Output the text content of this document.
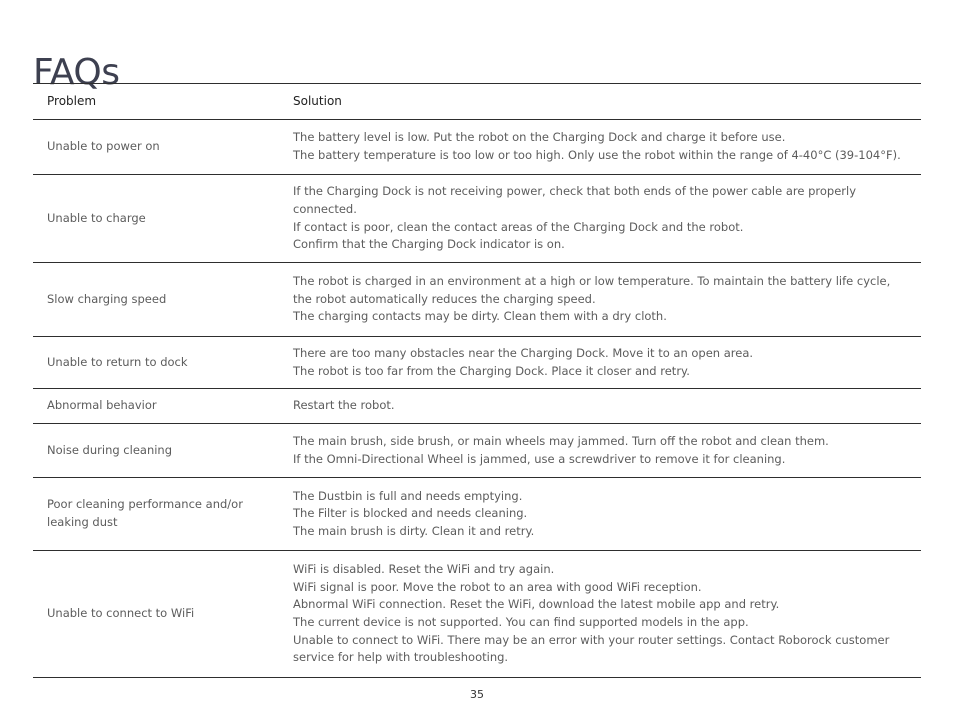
FAQs
Problem	Solution
Unable to power on	The battery level is low. Put the robot on the Charging Dock and charge it before use.
The battery temperature is too low or too high. Only use the robot within the range of 4-40°C (39-104°F).

Unable to charge	If the Charging Dock is not receiving power, check that both ends of the power cable are properly connected.
If contact is poor, clean the contact areas of the Charging Dock and the robot.
Confirm that the Charging Dock indicator is on.

Slow charging speed	The robot is charged in an environment at a high or low temperature. To maintain the battery life cycle, the robot automatically reduces the charging speed.
The charging contacts may be dirty. Clean them with a dry cloth.

Unable to return to dock	There are too many obstacles near the Charging Dock. Move it to an open area.
The robot is too far from the Charging Dock. Place it closer and retry.

Abnormal behavior	Restart the robot.

Noise during cleaning	The main brush, side brush, or main wheels may jammed. Turn off the robot and clean them.
If the Omni-Directional Wheel is jammed, use a screwdriver to remove it for cleaning.

Poor cleaning performance and/or leaking dust	The Dustbin is full and needs emptying.
The Filter is blocked and needs cleaning.
The main brush is dirty. Clean it and retry.

Unable to connect to WiFi	WiFi is disabled. Reset the WiFi and try again.
WiFi signal is poor. Move the robot to an area with good WiFi reception.
Abnormal WiFi connection. Reset the WiFi, download the latest mobile app and retry.
The current device is not supported. You can find supported models in the app.
Unable to connect to WiFi. There may be an error with your router settings. Contact Roborock customer service for help with troubleshooting.
35
